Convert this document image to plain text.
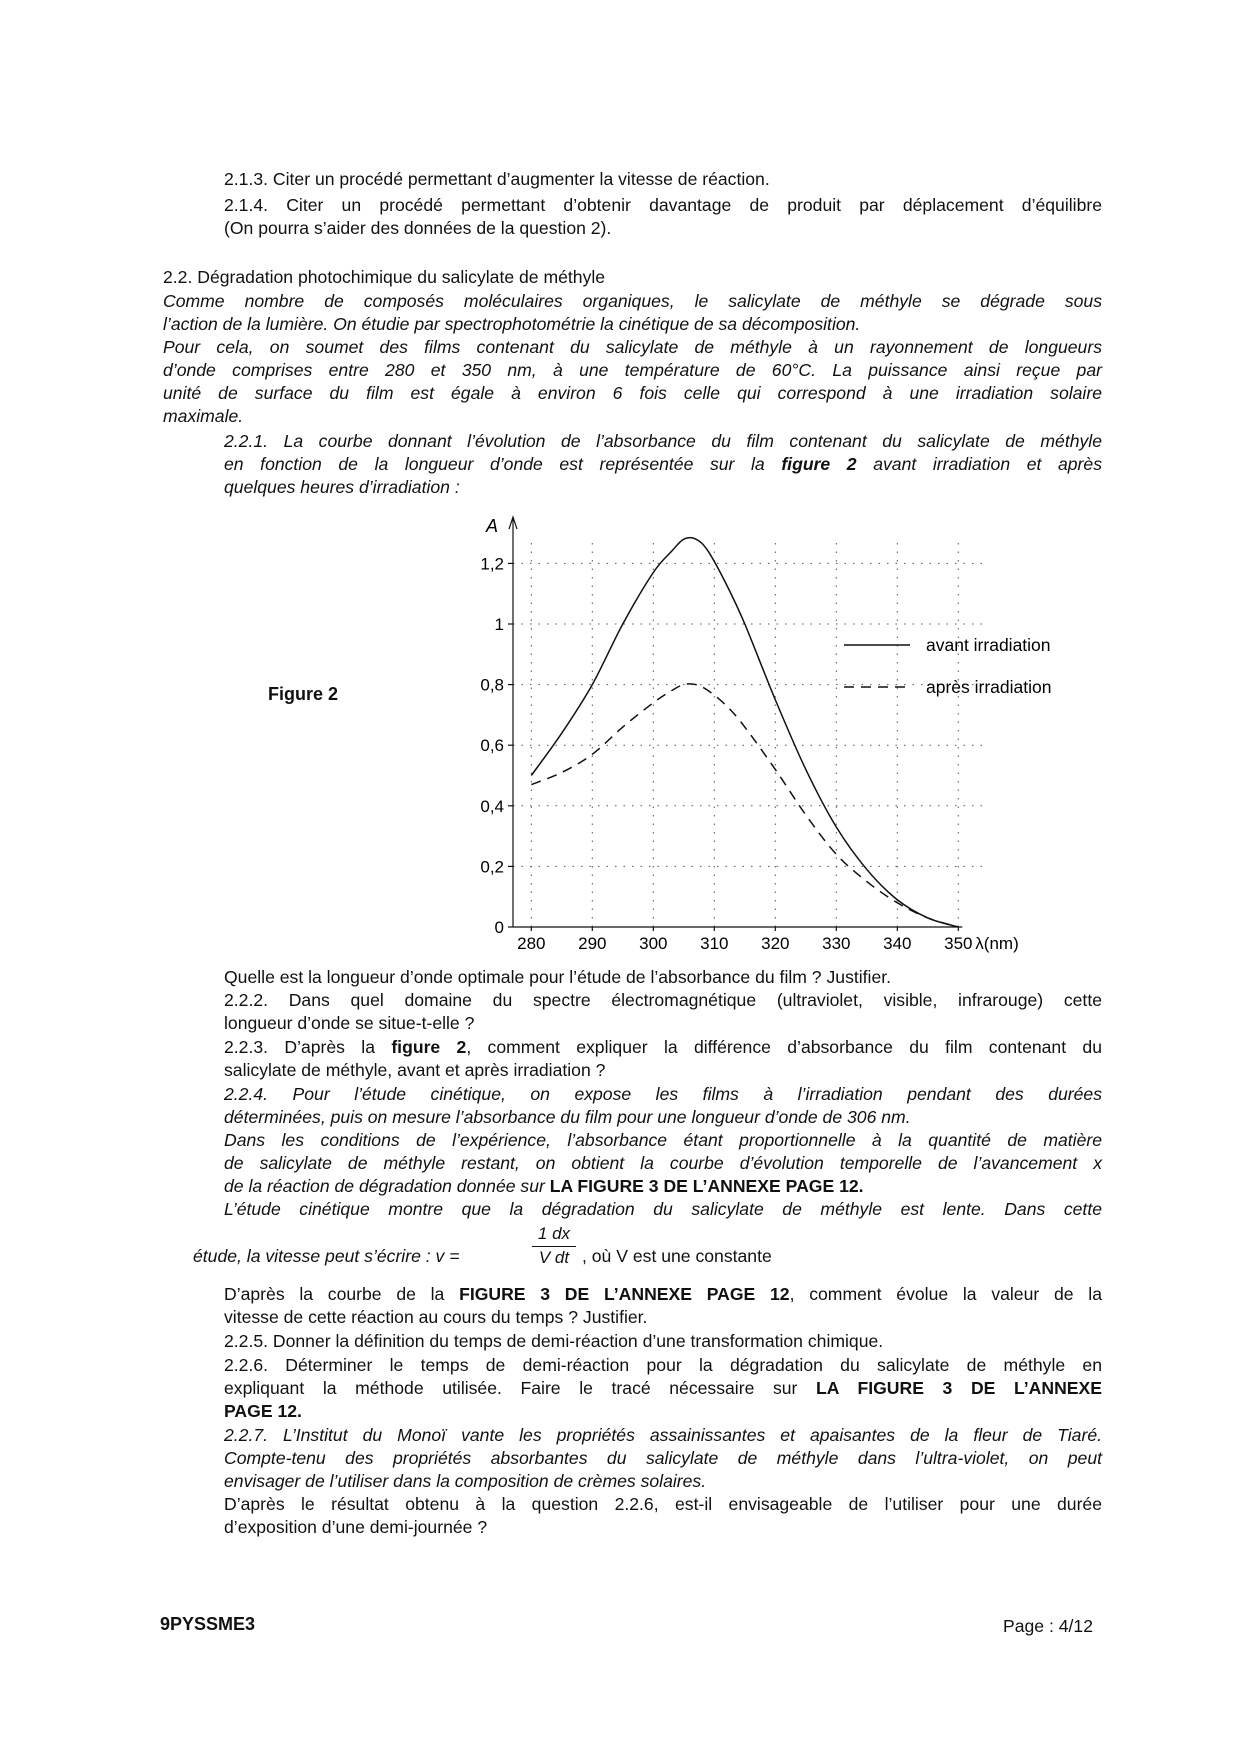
2.1.3. Citer un procédé permettant d’augmenter la vitesse de réaction.
2.1.4. Citer un procédé permettant d’obtenir davantage de produit par déplacement d’équilibre
(On pourra s’aider des données de la question 2).
2.2. Dégradation photochimique du salicylate de méthyle
Comme nombre de composés moléculaires organiques, le salicylate de méthyle se dégrade sous
l’action de la lumière. On étudie par spectrophotométrie la cinétique de sa décomposition.
Pour cela, on soumet des films contenant du salicylate de méthyle à un rayonnement de longueurs
d’onde comprises entre 280 et 350 nm, à une température de 60°C. La puissance ainsi reçue par
unité de surface du film est égale à environ 6 fois celle qui correspond à une irradiation solaire
maximale.
2.2.1. La courbe donnant l’évolution de l’absorbance du film contenant du salicylate de méthyle
en fonction de la longueur d’onde est représentée sur la figure 2 avant irradiation et après
quelques heures d’irradiation :
Figure 2
A
0
0,2
0,4
0,6
0,8
1
1,2
280 290 300 310 320 330 340 350 λ(nm)
avant irradiation
après irradiation
Quelle est la longueur d’onde optimale pour l’étude de l’absorbance du film ? Justifier.
2.2.2. Dans quel domaine du spectre électromagnétique (ultraviolet, visible, infrarouge) cette
longueur d’onde se situe-t-elle ?
2.2.3. D’après la figure 2, comment expliquer la différence d’absorbance du film contenant du
salicylate de méthyle, avant et après irradiation ?
2.2.4. Pour l’étude cinétique, on expose les films à l’irradiation pendant des durées
déterminées, puis on mesure l’absorbance du film pour une longueur d’onde de 306 nm.
Dans les conditions de l’expérience, l’absorbance étant proportionnelle à la quantité de matière
de salicylate de méthyle restant, on obtient la courbe d’évolution temporelle de l’avancement x
de la réaction de dégradation donnée sur LA FIGURE 3 DE L’ANNEXE PAGE 12.
L’étude cinétique montre que la dégradation du salicylate de méthyle est lente. Dans cette
étude, la vitesse peut s’écrire : v =
1 dx
V dt , où V est une constante
D’après la courbe de la FIGURE 3 DE L’ANNEXE PAGE 12, comment évolue la valeur de la
vitesse de cette réaction au cours du temps ? Justifier.
2.2.5. Donner la définition du temps de demi-réaction d’une transformation chimique.
2.2.6. Déterminer le temps de demi-réaction pour la dégradation du salicylate de méthyle en
expliquant la méthode utilisée. Faire le tracé nécessaire sur LA FIGURE 3 DE L’ANNEXE
PAGE 12.
2.2.7. L’Institut du Monoï vante les propriétés assainissantes et apaisantes de la fleur de Tiaré.
Compte-tenu des propriétés absorbantes du salicylate de méthyle dans l’ultra-violet, on peut
envisager de l’utiliser dans la composition de crèmes solaires.
D’après le résultat obtenu à la question 2.2.6, est-il envisageable de l’utiliser pour une durée
d’exposition d’une demi-journée ?
9PYSSME3	Page : 4/12
